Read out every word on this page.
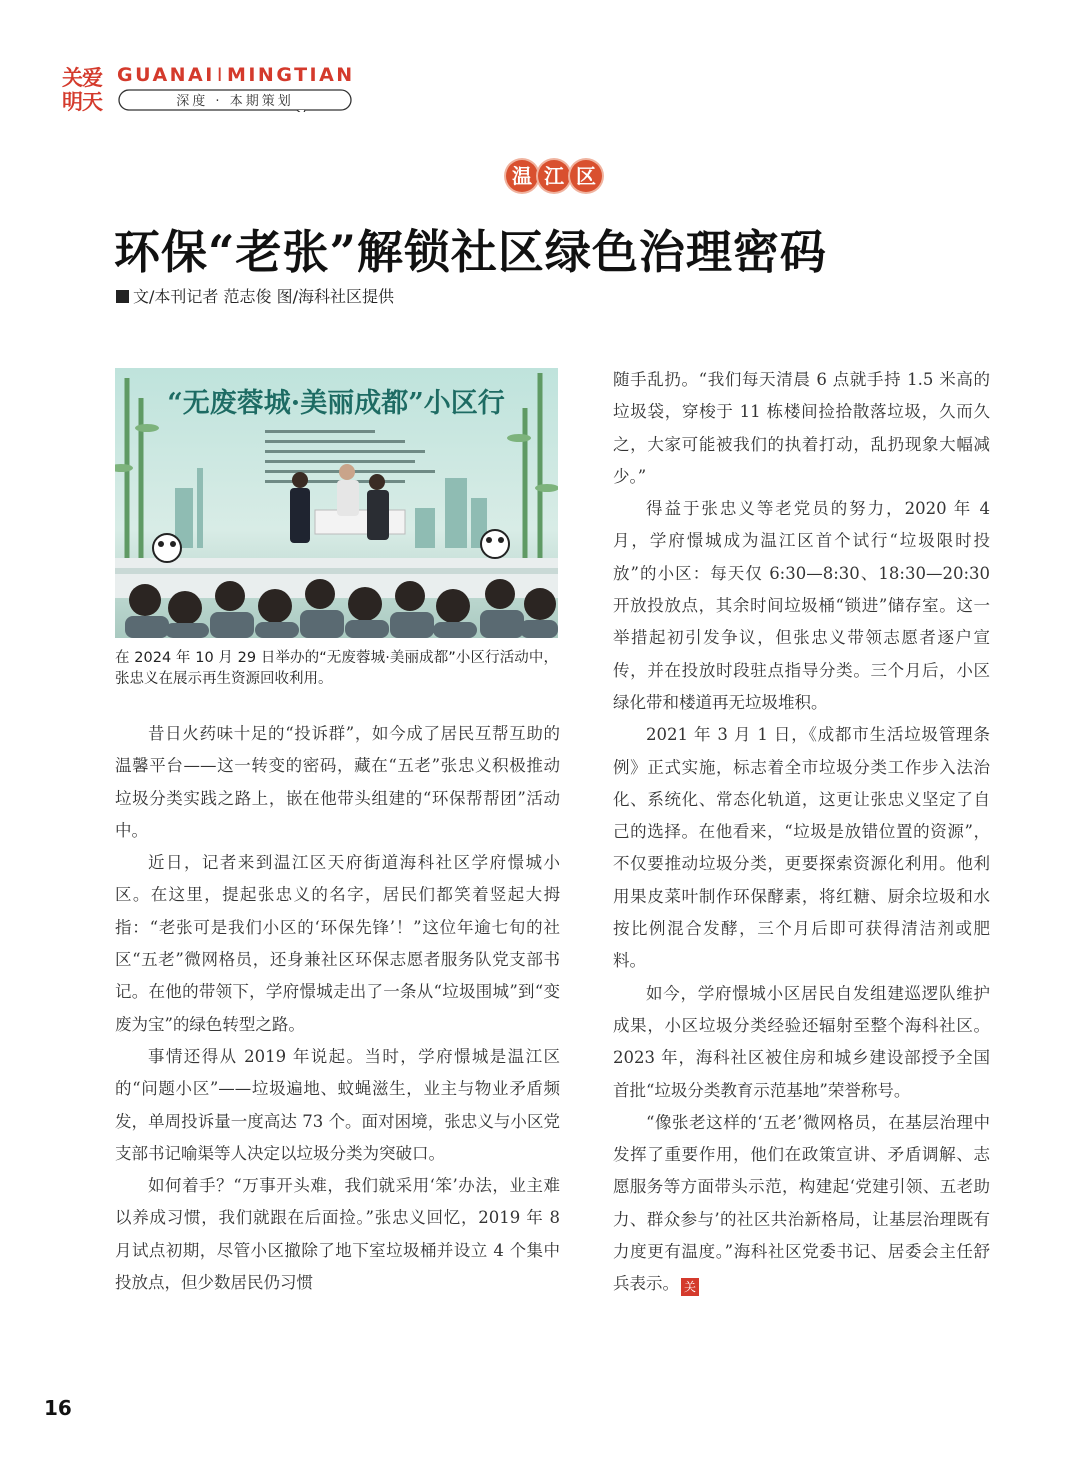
关爱
明天
GUANAI I MINGTIAN
深度 · 本期策划
温 江 区
环保“老张”解锁社区绿色治理密码
文/本刊记者 范志俊 图/海科社区提供
“无废蓉城·美丽成都”小区行
在 2024 年 10 月 29 日举办的“无废蓉城·美丽成都”小区行活动中，张忠义在展示再生资源回收利用。

昔日火药味十足的“投诉群”，如今成了居民互帮互助的温馨平台——这一转变的密码，藏在“五老”张忠义积极推动垃圾分类实践之路上，嵌在他带头组建的“环保帮帮团”活动中。

近日，记者来到温江区天府街道海科社区学府憬城小区。在这里，提起张忠义的名字，居民们都笑着竖起大拇指：“老张可是我们小区的‘环保先锋’！”这位年逾七旬的社区“五老”微网格员，还身兼社区环保志愿者服务队党支部书记。在他的带领下，学府憬城走出了一条从“垃圾围城”到“变废为宝”的绿色转型之路。

事情还得从 2019 年说起。当时，学府憬城是温江区的“问题小区”——垃圾遍地、蚊蝇滋生，业主与物业矛盾频发，单周投诉量一度高达 73 个。面对困境，张忠义与小区党支部书记喻渠等人决定以垃圾分类为突破口。

如何着手？“万事开头难，我们就采用‘笨’办法，业主难以养成习惯，我们就跟在后面捡。”张忠义回忆，2019 年 8 月试点初期，尽管小区撤除了地下室垃圾桶并设立 4 个集中投放点，但少数居民仍习惯

随手乱扔。“我们每天清晨 6 点就手持 1.5 米高的垃圾袋，穿梭于 11 栋楼间捡拾散落垃圾，久而久之，大家可能被我们的执着打动，乱扔现象大幅减少。”

得益于张忠义等老党员的努力，2020 年 4 月，学府憬城成为温江区首个试行“垃圾限时投放”的小区：每天仅 6:30—8:30、18:30—20:30 开放投放点，其余时间垃圾桶“锁进”储存室。这一举措起初引发争议，但张忠义带领志愿者逐户宣传，并在投放时段驻点指导分类。三个月后，小区绿化带和楼道再无垃圾堆积。

2021 年 3 月 1 日，《成都市生活垃圾管理条例》正式实施，标志着全市垃圾分类工作步入法治化、系统化、常态化轨道，这更让张忠义坚定了自己的选择。在他看来，“垃圾是放错位置的资源”，不仅要推动垃圾分类，更要探索资源化利用。他利用果皮菜叶制作环保酵素，将红糖、厨余垃圾和水按比例混合发酵，三个月后即可获得清洁剂或肥料。

如今，学府憬城小区居民自发组建巡逻队维护成果，小区垃圾分类经验还辐射至整个海科社区。2023 年，海科社区被住房和城乡建设部授予全国首批“垃圾分类教育示范基地”荣誉称号。

“像张老这样的‘五老’微网格员，在基层治理中发挥了重要作用，他们在政策宣讲、矛盾调解、志愿服务等方面带头示范，构建起‘党建引领、五老助力、群众参与’的社区共治新格局，让基层治理既有力度更有温度。”海科社区党委书记、居委会主任舒兵表示。 关

16
